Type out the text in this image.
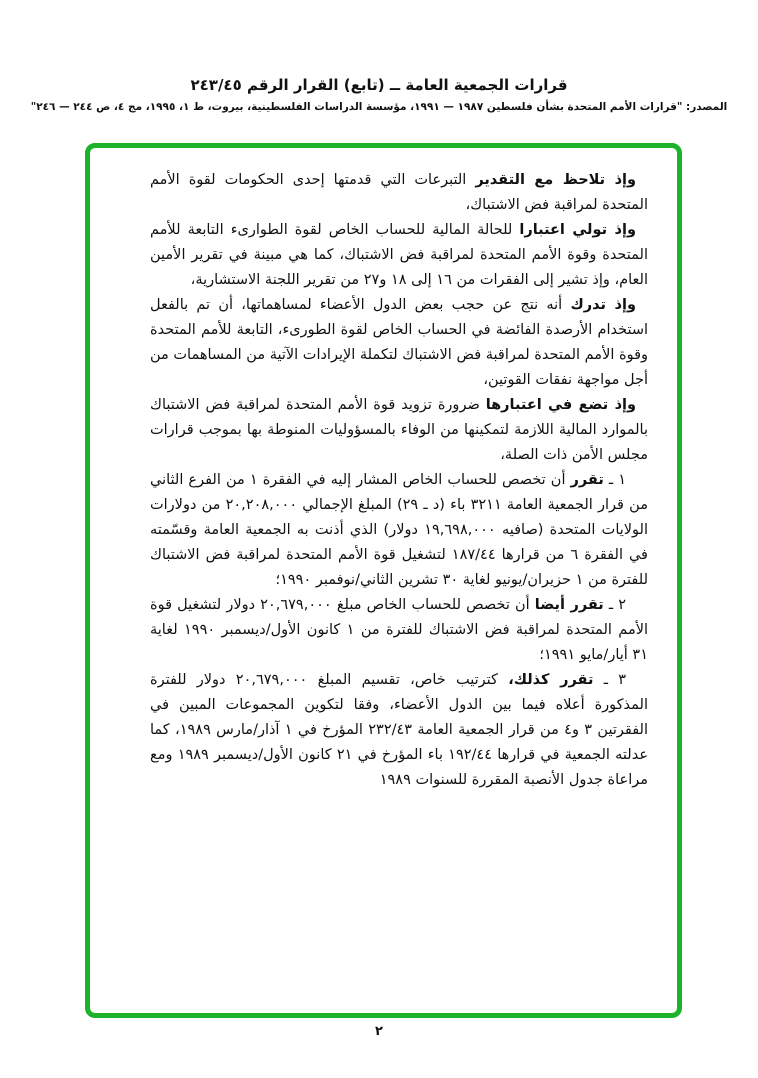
قرارات الجمعية العامة ــ (تابع) القرار الرقم ٢٤٣/٤٥
المصدر: "قرارات الأمم المتحدة بشأن فلسطين ١٩٨٧ — ١٩٩١، مؤسسة الدراسات الفلسطينية، بيروت، ط ١، ١٩٩٥، مج ٤، ص ٢٤٤ — ٢٤٦"

وإذ تلاحظ مع التقدير التبرعات التي قدمتها إحدى الحكومات لقوة الأمم المتحدة لمراقبة فض الاشتباك،

وإذ تولي اعتبارا للحالة المالية للحساب الخاص لقوة الطوارىء التابعة للأمم المتحدة وقوة الأمم المتحدة لمراقبة فض الاشتباك، كما هي مبينة في تقرير الأمين العام، وإذ تشير إلى الفقرات من ١٦ إلى ١٨ و٢٧ من تقرير اللجنة الاستشارية،

وإذ تدرك أنه نتج عن حجب بعض الدول الأعضاء لمساهماتها، أن تم بالفعل استخدام الأرصدة الفائضة في الحساب الخاص لقوة الطورىء، التابعة للأمم المتحدة وقوة الأمم المتحدة لمراقبة فض الاشتباك لتكملة الإيرادات الآتية من المساهمات من أجل مواجهة نفقات القوتين،

وإذ تضع في اعتبارها ضرورة تزويد قوة الأمم المتحدة لمراقبة فض الاشتباك بالموارد المالية اللازمة لتمكينها من الوفاء بالمسؤوليات المنوطة بها بموجب قرارات مجلس الأمن ذات الصلة،

١ ـ تقرر أن تخصص للحساب الخاص المشار إليه في الفقرة ١ من الفرع الثاني من قرار الجمعية العامة ٣٢١١ باء (د ـ ٢٩) المبلغ الإجمالي ٢٠,٢٠٨,٠٠٠ من دولارات الولايات المتحدة (صافيه ١٩,٦٩٨,٠٠٠ دولار) الذي أذنت به الجمعية العامة وقسّمته في الفقرة ٦ من قرارها ١٨٧/٤٤ لتشغيل قوة الأمم المتحدة لمراقبة فض الاشتباك للفترة من ١ حزيران/يونيو لغاية ٣٠ تشرين الثاني/نوفمبر ١٩٩٠؛

٢ ـ تقرر أيضا أن تخصص للحساب الخاص مبلغ ٢٠,٦٧٩,٠٠٠ دولار لتشغيل قوة الأمم المتحدة لمراقبة فض الاشتباك للفترة من ١ كانون الأول/ديسمبر ١٩٩٠ لغاية ٣١ أيار/مايو ١٩٩١؛

٣ ـ تقرر كذلك، كترتيب خاص، تقسيم المبلغ ٢٠,٦٧٩,٠٠٠ دولار للفترة المذكورة أعلاه فيما بين الدول الأعضاء، وفقا لتكوين المجموعات المبين في الفقرتين ٣ و٤ من قرار الجمعية العامة ٢٣٢/٤٣ المؤرخ في ١ آذار/مارس ١٩٨٩، كما عدلته الجمعية في قرارها ١٩٢/٤٤ باء المؤرخ في ٢١ كانون الأول/ديسمبر ١٩٨٩ ومع مراعاة جدول الأنصبة المقررة للسنوات ١٩٨٩

٢
